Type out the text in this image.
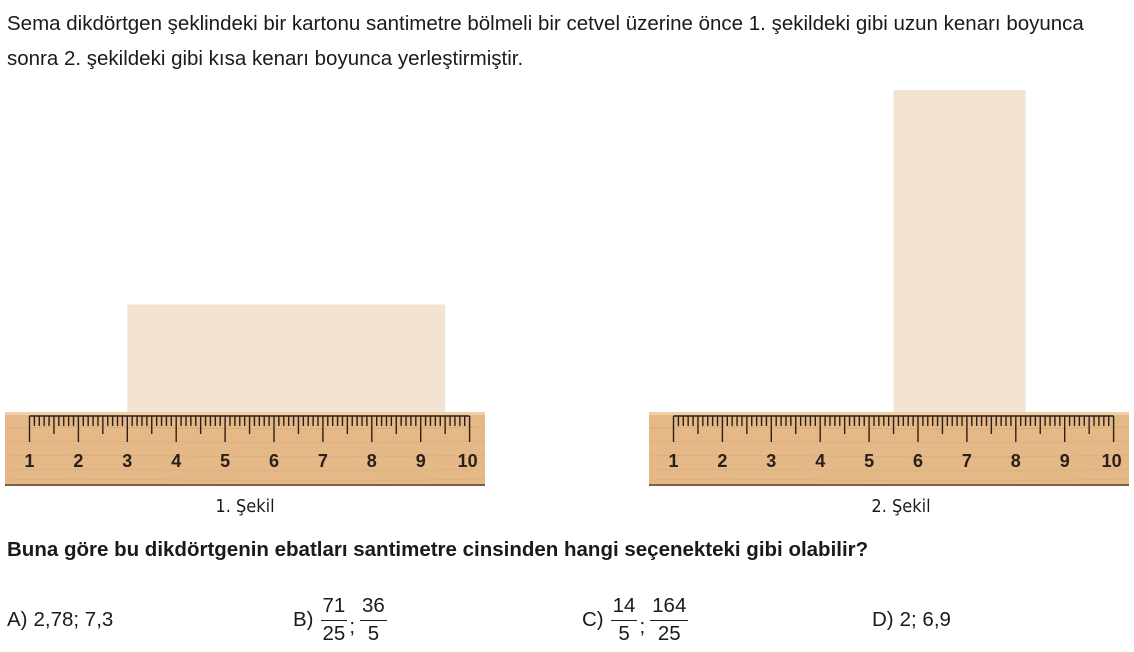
Sema dikdörtgen şeklindeki bir kartonu santimetre bölmeli bir cetvel üzerine önce 1. şekildeki gibi uzun kenarı boyunca sonra 2. şekildeki gibi kısa kenarı boyunca yerleştirmiştir.

1 2 3 4 5 6 7 8 9 10
1. Şekil
1 2 3 4 5 6 7 8 9 10
2. Şekil

Buna göre bu dikdörtgenin ebatları santimetre cinsinden hangi seçenekteki gibi olabilir?

A) 2,78; 7,3	$B) \frac{71}{25}$ ; $\frac{36}{5}$	$C) \frac{14}{5}$ ; $\frac{164}{25}$	D) 2; 6,9
